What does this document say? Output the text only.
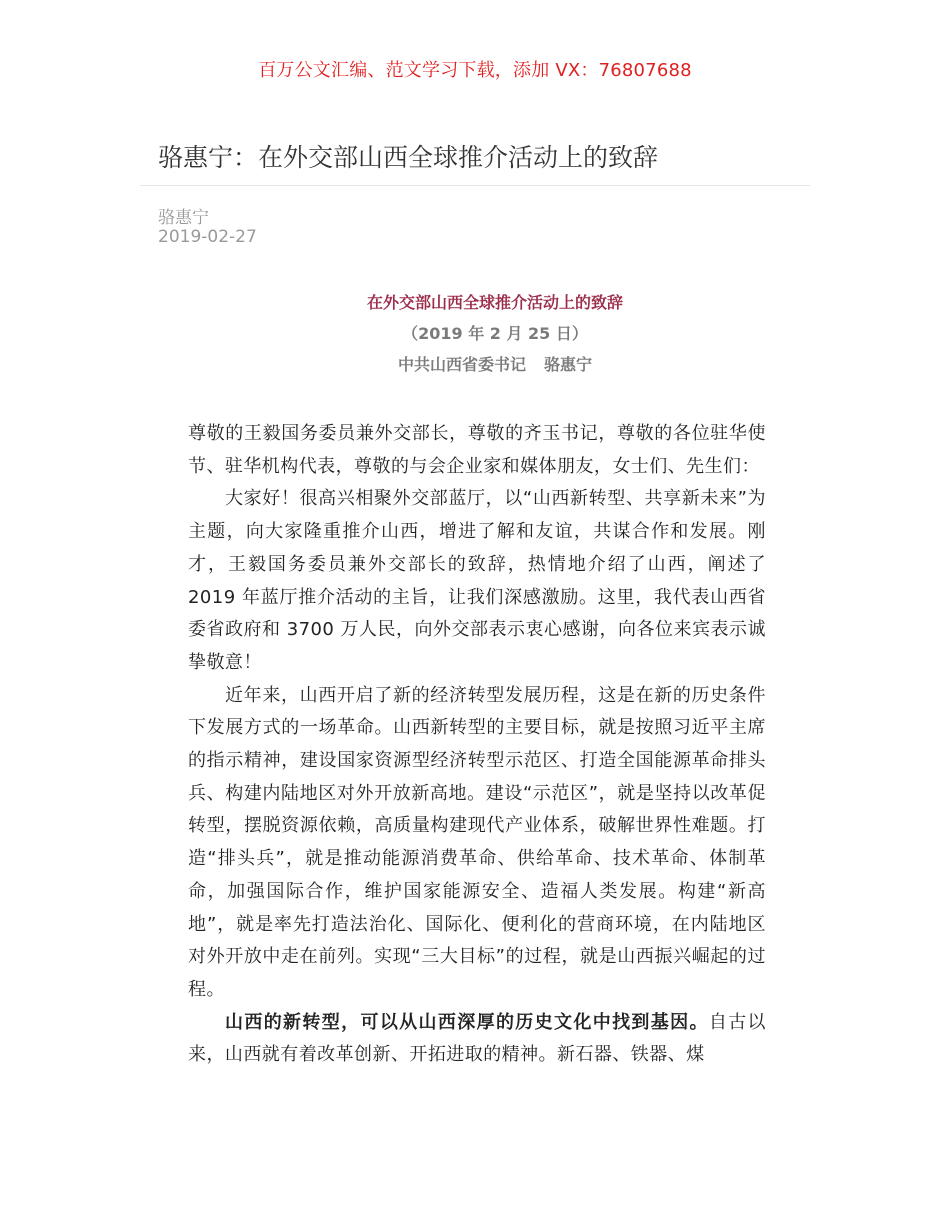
百万公文汇编、范文学习下载，添加 VX：76807688
骆惠宁：在外交部山西全球推介活动上的致辞
骆惠宁
2019-02-27
在外交部山西全球推介活动上的致辞
（2019 年 2 月 25 日）
中共山西省委书记 骆惠宁

尊敬的王毅国务委员兼外交部长，尊敬的齐玉书记，尊敬的各位驻华使节、驻华机构代表，尊敬的与会企业家和媒体朋友，女士们、先生们：

大家好！很高兴相聚外交部蓝厅，以“山西新转型、共享新未来”为主题，向大家隆重推介山西，增进了解和友谊，共谋合作和发展。刚才，王毅国务委员兼外交部长的致辞，热情地介绍了山西，阐述了 2019 年蓝厅推介活动的主旨，让我们深感激励。这里，我代表山西省委省政府和 3700 万人民，向外交部表示衷心感谢，向各位来宾表示诚挚敬意！

近年来，山西开启了新的经济转型发展历程，这是在新的历史条件下发展方式的一场革命。山西新转型的主要目标，就是按照习近平主席的指示精神，建设国家资源型经济转型示范区、打造全国能源革命排头兵、构建内陆地区对外开放新高地。建设“示范区”，就是坚持以改革促转型，摆脱资源依赖，高质量构建现代产业体系，破解世界性难题。打造“排头兵”，就是推动能源消费革命、供给革命、技术革命、体制革命，加强国际合作，维护国家能源安全、造福人类发展。构建“新高地”，就是率先打造法治化、国际化、便利化的营商环境，在内陆地区对外开放中走在前列。实现“三大目标”的过程，就是山西振兴崛起的过程。

山西的新转型，可以从山西深厚的历史文化中找到基因。自古以来，山西就有着改革创新、开拓进取的精神。新石器、铁器、煤
